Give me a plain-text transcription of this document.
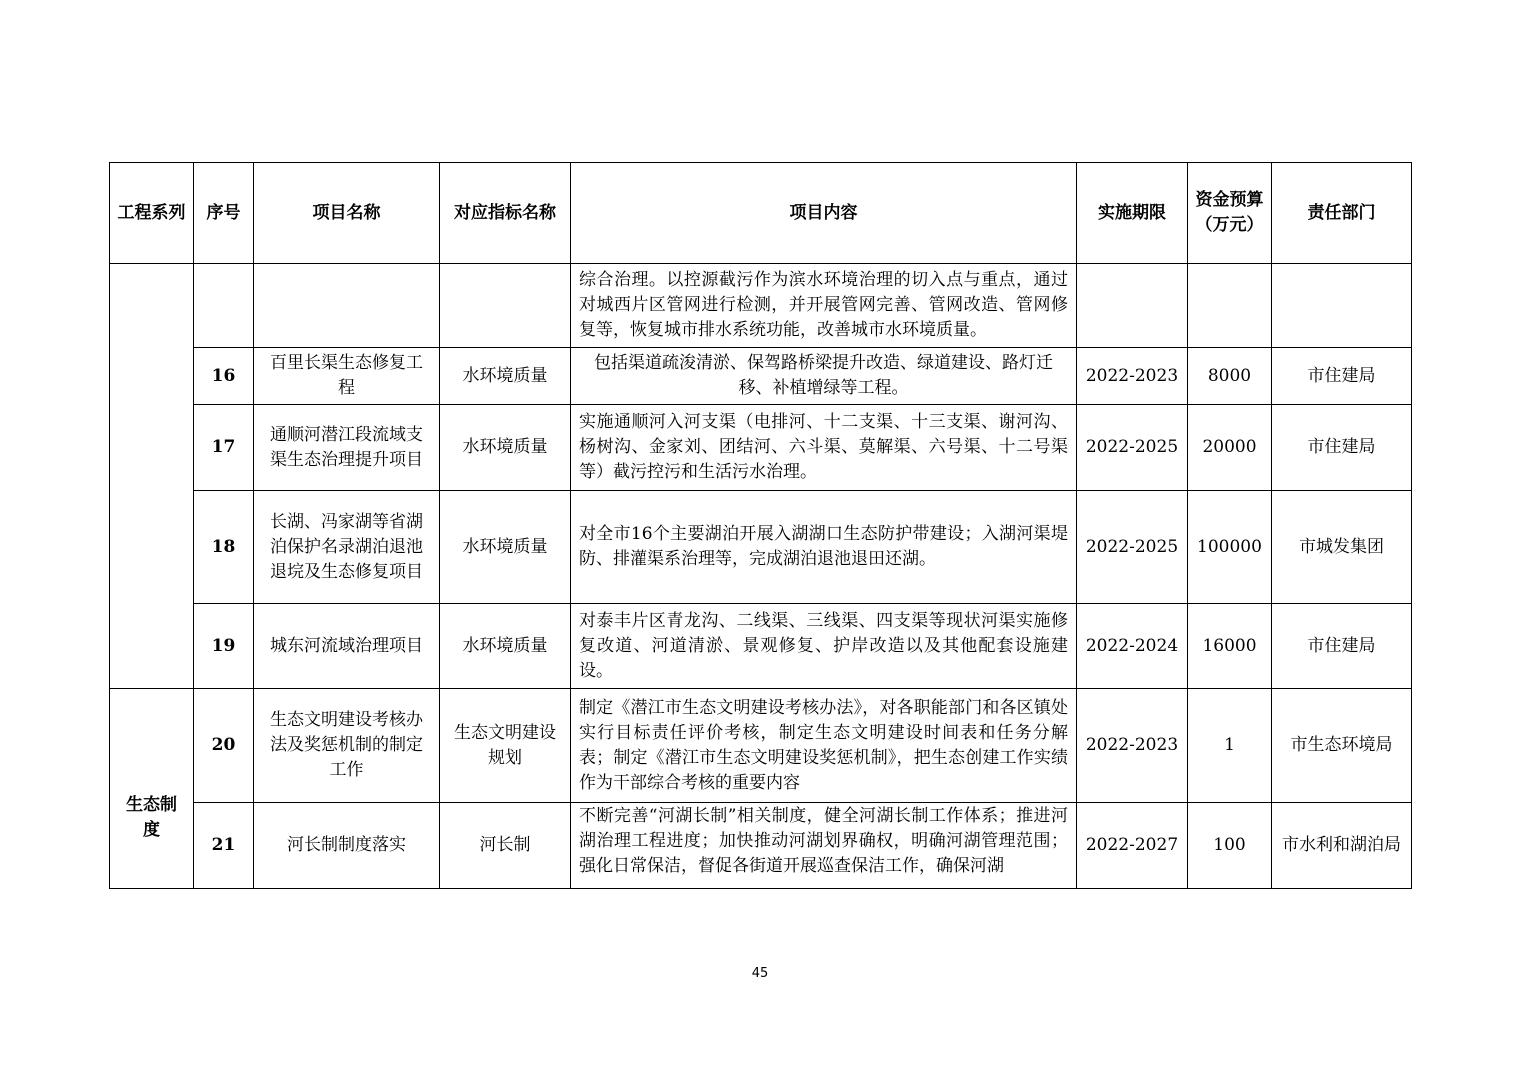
工程系列	序号	项目名称	对应指标名称	项目内容	实施期限	资金预算（万元）	责任部门
				综合治理。以控源截污作为滨水环境治理的切入点与重点，通过对城西片区管网进行检测，并开展管网完善、管网改造、管网修复等，恢复城市排水系统功能，改善城市水环境质量。			
	16	百里长渠生态修复工程	水环境质量	包括渠道疏浚清淤、保驾路桥梁提升改造、绿道建设、路灯迁移、补植增绿等工程。	2022-2023	8000	市住建局
	17	通顺河潜江段流域支渠生态治理提升项目	水环境质量	实施通顺河入河支渠（电排河、十二支渠、十三支渠、谢河沟、杨树沟、金家刘、团结河、六斗渠、莫解渠、六号渠、十二号渠等）截污控污和生活污水治理。	2022-2025	20000	市住建局
	18	长湖、冯家湖等省湖泊保护名录湖泊退池退垸及生态修复项目	水环境质量	对全市16个主要湖泊开展入湖湖口生态防护带建设；入湖河渠堤防、排灌渠系治理等，完成湖泊退池退田还湖。	2022-2025	100000	市城发集团
	19	城东河流域治理项目	水环境质量	对泰丰片区青龙沟、二线渠、三线渠、四支渠等现状河渠实施修复改道、河道清淤、景观修复、护岸改造以及其他配套设施建设。	2022-2024	16000	市住建局
生态制度	20	生态文明建设考核办法及奖惩机制的制定工作	生态文明建设规划	制定《潜江市生态文明建设考核办法》，对各职能部门和各区镇处实行目标责任评价考核，制定生态文明建设时间表和任务分解表；制定《潜江市生态文明建设奖惩机制》，把生态创建工作实绩作为干部综合考核的重要内容	2022-2023	1	市生态环境局
	21	河长制制度落实	河长制	不断完善“河湖长制”相关制度，健全河湖长制工作体系；推进河湖治理工程进度；加快推动河湖划界确权，明确河湖管理范围；强化日常保洁，督促各街道开展巡查保洁工作，确保河湖	2022-2027	100	市水利和湖泊局
45
